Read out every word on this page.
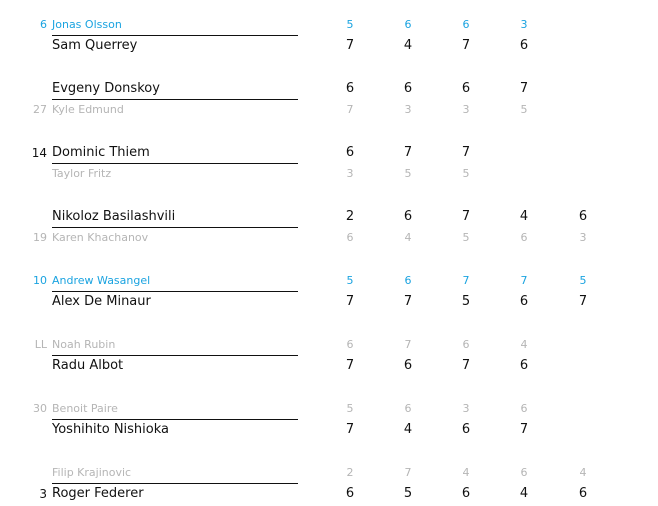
6 Jonas Olsson	5	6	6	3
Sam Querrey	7	4	7	6
Evgeny Donskoy	6	6	6	7
27 Kyle Edmund	7	3	3	5
14 Dominic Thiem	6	7	7
Taylor Fritz	3	5	5
Nikoloz Basilashvili	2	6	7	4	6
19 Karen Khachanov	6	4	5	6	3
10 Andrew Wasangel	5	6	7	7	5
Alex De Minaur	7	7	5	6	7
LL Noah Rubin	6	7	6	4
Radu Albot	7	6	7	6
30 Benoit Paire	5	6	3	6
Yoshihito Nishioka	7	4	6	7
Filip Krajinovic	2	7	4	6	4
3 Roger Federer	6	5	6	4	6
